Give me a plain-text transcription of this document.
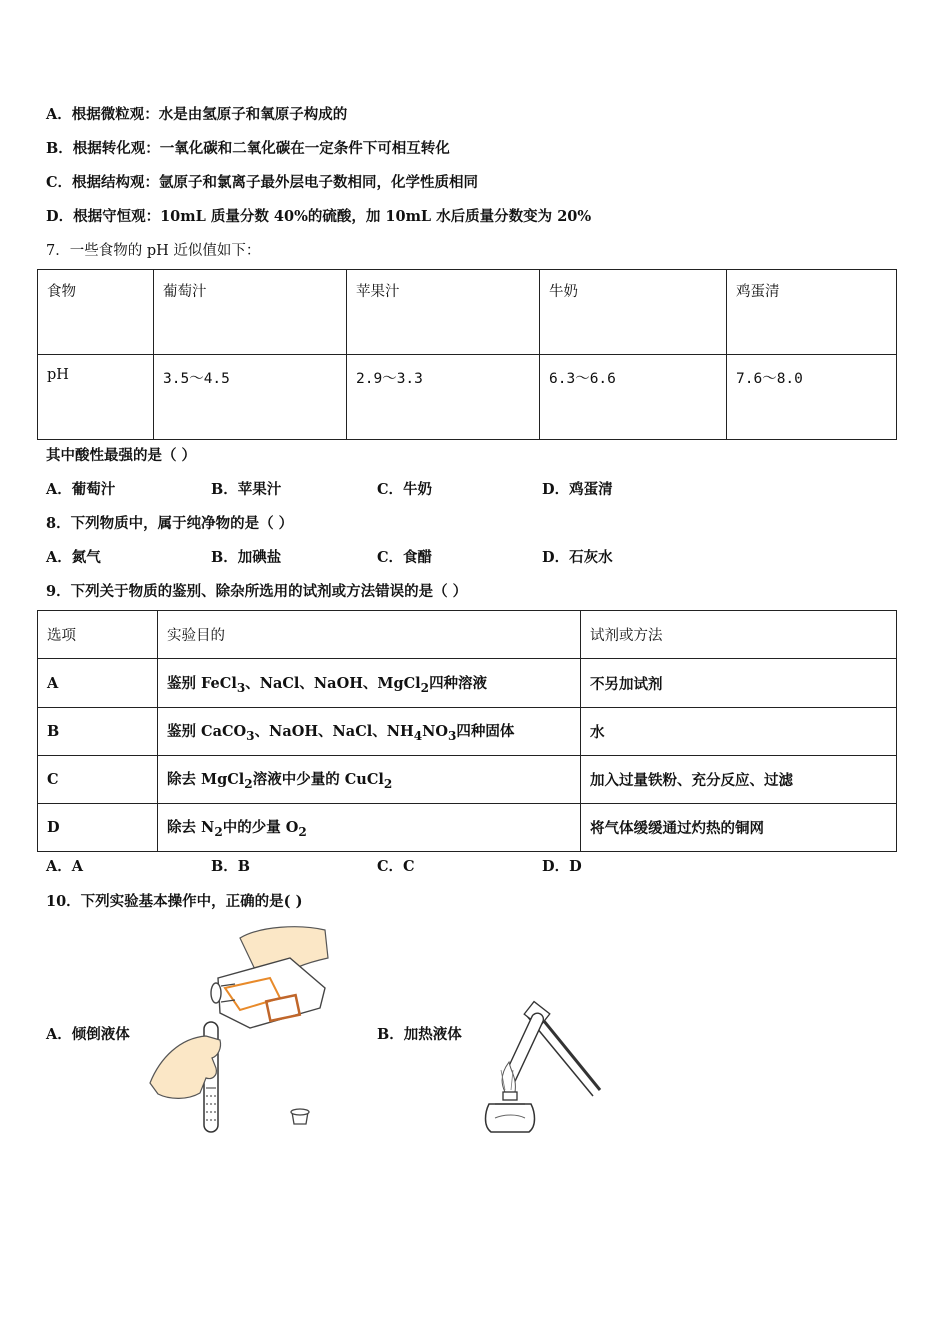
A．根据微粒观：水是由氢原子和氧原子构成的
B．根据转化观：一氧化碳和二氧化碳在一定条件下可相互转化
C．根据结构观：氩原子和氯离子最外层电子数相同，化学性质相同
D．根据守恒观：10mL 质量分数 40%的硫酸，加 10mL 水后质量分数变为 20%
7．一些食物的 pH 近似值如下：
食物	葡萄汁	苹果汁	牛奶	鸡蛋清
pH	3.5～4.5	2.9～3.3	6.3～6.6	7.6～8.0
其中酸性最强的是（ ）
A．葡萄汁	B．苹果汁	C．牛奶	D．鸡蛋清
8．下列物质中，属于纯净物的是（ ）
A．氮气	B．加碘盐	C．食醋	D．石灰水
9．下列关于物质的鉴别、除杂所选用的试剂或方法错误的是（ ）
选项	实验目的	试剂或方法
A	鉴别 FeCl$_3$、NaCl、NaOH、MgCl$_2$四种溶液	不另加试剂
B	鉴别 CaCO$_3$、NaOH、NaCl、$NH_4NO_3$四种固体	水
C	除去 MgCl$_2$溶液中少量的 CuCl$_2$	加入过量铁粉、充分反应、过滤
D	除去 $N_2$中的少量 $O_2$	将气体缓缓通过灼热的铜网
A．A	B．B	C．C	D．D
10．下列实验基本操作中，正确的是( )
A．倾倒液体	B．加热液体
